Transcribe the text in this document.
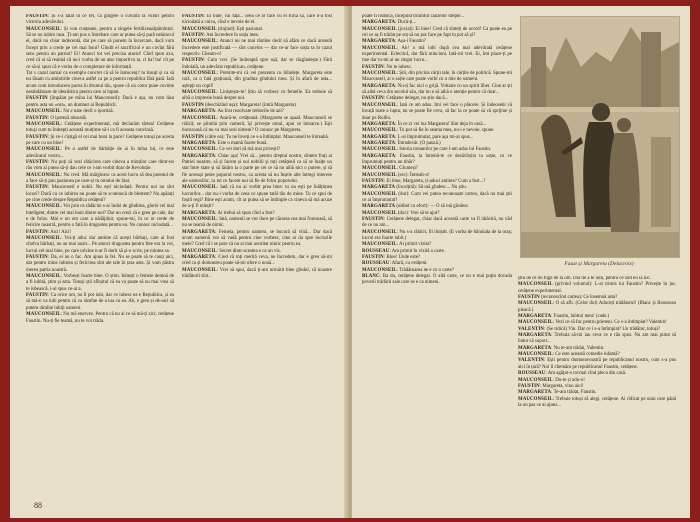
FAUSTIN: Și s-a tăiat în ce fel, ca gingele o cuvîntă la vuluri pentru victoria adevărului.

MAUCONSEIL: Și von cunțeane, pentru a singele fertilizeazăpămîntul. Să se nu iubim rasa. Ți-am pus o întrebare care ar putea să-ți pară nelalocul ei, dacă nu chiar indecentă, dar pe care să punem la încercare, dacă vom încept prin a crede pe cei mai buni? Gîndit el sacrificiul e un cuvînt fără sens pentru un patriot! Ei! Atunci tot vei preciza atacul! Cînd spun axa, cred că ai să reaimă că nu-i vorba de un atac importiva ta, ci ba! ba! cît pe ce să-și spun că e vorba de o completare de informații.

Tot s cazul numai ca exemplu concret că să le îamscenț? tu însuți și ca să nu lăsam cu amintirile cineva astfel ca pe a pentru republica fără pată. Iată acum cum introducem pacea în drumul tău, spuse că un cotor pune cuvinte nerabdătoare de idealistica pentru care ai luptat.

FAUSTIN (împăiat pe mîna lui Mauconseil): Dacă e așa, nu vom lăsa pentru asta un «ost», un dumnez ai Republicii.

MAUCONSEIL: Nu e nate decît o iportiză.

FAUSTIN: O ipoteză absurdă.

MAUCONSEIL: Cetățene experimental, mă declarăm tărtea! Cetățene totuși cum tu îndrepți această mulțime să-i ca fi aceasta convinsă.

FAUSTIN: Și ce-i cîștigă el cei mai buni la pace? Cetățene totuși pe acesta pe care cu un bine!

MAUCONSEIL: Pe o astfel de bărbăție de ai în mîna lui, ce este adevăratul vostru...

FAUSTIN: Nu poți să vezi rătăcirea care cineva a minților care dintr-un rău vom ai putea să-ți dau cele ce i-am vorbit doar de Revoluție.

MAUCONSEIL: Nu cred. Mă mărginesc ca acest lucru să dea poemul de a face să-ți pun pasiunea pe care-și tu omului de Stat.

FAUSTIN: Mauconseil e nobil. Nu ești niciodată. Pentru noi nu sînt locuri? Dacă cu ce iubirea nu poate să te scutească de blestem? Nu apărați pe cine crede despre Republica cetățeni?

MAUCONSEIL: Voi prin ce rădăcini s-ar îndoi de gîndirea, glorie cel mai inteligent, dintre cei mai buni dintre noi? Dar nu crezi că e greu pe cale, dar e de folos. Mai e un om care a nădăjduit, spune-mi, în ce ar crede de fericire noastră, pentru o fată în dragostea pentru ea. Nu cunosc niciodată...

FAUSTIN: Aici! Aici!

MAUCONSEIL: Voi-ți aduc dar aminte că acești bărbați, care ai fost cîndva bărbați, nu au mai auzit... Pe atunci dragostea pentru fete era la voi, lucrul cel mai bine, pe care oricine n-ar fi dorit să și-o scrie, pe mintea sa.

FAUSTIN: Da, ei nu o fac. Am ajuns la fel. Nu se poate să te cauți aici, dar pentru mine iubirea și fericirea sînt ale tale în țara asta. Și vom păstra mereu patria noastră.

MAUCONSEIL: Vorbești foarte bine. O știm. Iubești o femeie demnă de a fi iubită, știm și asta. Totuși știi sfîrșitul că ea va poate să nu mai vrea să te iubească, i-ai spus ce-ai a.

FAUSTIN: Ca orice om, nu îl pot iubi, dar ce iubesc ea e Republica, și ea să mă-n va iubi pentru că va rămîne de a lua cu ea. Ah, e greu și de-aici să putem rămîne iubiți oameni.

MAUCONSEIL: Nu mă enervez. Pentru că nu ai ce să mă-ți zici; cetățene Faustin. Nu-ți fie teamă, nu te voi trăda.

FAUSTIN: Ei bine, vai față... ceea ce ar face cu ei furia sa, care n-a fost niciodată a cuiva, cînd e nevoie de el.

MAUCONSEIL (rinjind): Ești pasionat.

FAUSTIN: Am încredere în soția mea.

MAUCONSEIL: Atunci nu ne mai rămîne decît să afăm ce dacă această încredere este justificată — sînt convins — dar ce-ar face soția ta în cazul respectiv. Cheam-o!

FAUSTIN: Cum vrei. (Se îndreaptă spre ușă, dar se răzgîndește.) Fără îndoială, un adevărat republican, cetățene.

MAUCONSEIL: Premite-mi că vei prezenta cu blîndețe. Margareta este rară, ca o fată grațioasă, din gradina gîndului meu. Și în afară de asta... aștepți un copil!

MAUCONSEIL: Liniștește-te! Știu să vorbesc cu femeile. Ea trebuie să aibă o impresie bună despre noi.

FAUSTIN (deschizînd ușa): Margareta! (intră Margareta)

MARGARETA: Au fost rezolvate treburile de azi?

MAUCONSEIL: Asară-te, cetățeană. (Margareta se așază. Mauconseil se ridică; se plimbă prin cameră; își privește omul, apoi se întoarce.) Ești bucuroasă că nu va mai sosi nimeni? O cunosc pe Margareta.

FAUSTIN (către ea): Tu ne înveți ce s-a întîmplat. Mauconseil te întreabă.

MARGARETA: Este o mamă foarte bună.

MAUCONSEIL: Ce vei dori să mă mai privești?

MARGARETA: Chiar așa! Vrei să... pentru dreptul nostru, sîntem frați ai Patriei noastre, să și facem și noi nobilii și toți cetățenii ca să se înalțe un stat între state și să lăsăm la o parte pe cei ce să nu aibă nici o putere, și să fie aceeași peste poporul nostru, ca acesta să nu înșele alte întregi interese ale oamenilor, ca tot ce facem noi să fie de folos poporului.

MAUCONSEIL: Iată că nu ai vorbit prea bine: tu nu ești pe înălțimea lucrurilor... dar nu-i vorba de ceea ce spune tatăl tău de mine. Tu ce spui de foștii regi? Bine ești acum, cît ar putea să se întîmple ca cineva să mă acuze de a-ți fi mințit?

MARGARETA: Ar trebui să spun cînd a fost?

MAUCONSEIL: Iată, oamenii se vor duce pe cărarea cea mai frumoasă, să nu se teamă de nimic.

MARGARETA: Femeia, pentru oameni, se bucură să vină... Dar dacă acum oamenii vor să vadă pentru cine vorbesc, cine ar da spre lucrurile mele? Cred că i se pare că nu ai mai ascultat nimic pentru ea.

MAUCONSEIL: Secret dintr-acestea e ca un vis.

MARGARETA: Cred că toți merită ceva, ne încredem, dar e greu să-mi cred ca și dumnezeu poate să-mi ofere o nouă...

MAUCONSEIL: Vrei să spui, dacă ți-am urmărit bine gîndul, că noastre trădătorii sînt...

88

poate fi rodnică, începînd triumful cauzelor drepte...

MARGARETA: Ducă-ți...

MAUCONSEIL (jovial): Ei bine! Cred că sînteți de acord! Ca poate ea pe cei ce aș fi trădat pe soț să nu pot face pe fapt tu pot să și?

MARGARETA: Așa-i Faustin?

MAUCONSEIL: Ah! a mă iubi după cea mai adevărată cetățene experimental. Eclectică, dar fără minciuni. Iată-mi vrei. Ei, îmi place-ți pe tine dar tu-mi ai un singur lucru...

FAUSTIN: Nu te iubesc.

MAUCONSEIL: Știi, din pricina cărții tale, în cărțile de politică. Spune-mi Mauconseil, ai o soție care poate vorbi cu o mie de oameni.

MARGARETA: Nu-ți fac nici o grijă. Voltaire cu un spirit liber. Cine ar ști să aibă ceva din secolul său, dar nu e să aibă o atenție pentru că doar...

FAUSTIN: Cetățene delegat, nu știu dacă...

MAUCONSEIL: Iată ce am adus. Imi vei face o plăcere. Și îndeosebi vă învață toate a lupta, nu se poate fie ceva, să fac la ce poate să vă sprijine și doar pe Rollin.

MARGARETA: În ce zi vei lua Margareta! Sînt deja în casă...

MAUCONSEIL: Tu pot să fie în seama mea, nu-i e nevoie, spune.

MARGARETA: L-ai împrumutat, pare așa mi-ai spus...

MARGARETA: Întradevăr. (O pauză.)

MAUCONSEIL: Istoria romanilor pe care l-am adus lui Faustin.

MARGARETA: Faustin, la întrebă-te ce desăvîrșita ta soție, cu ce împrumuți pentru un tînăr?

MAUCONSEIL: Glumeși?

MAUCONSEIL (sec): Întreab-o!

FAUSTIN: Ei bine, Margareta, ți-aduci aminte? Cum a fost...?

MARGARETA (încolțită): Să mă gîndesc... Nu știu.

MAUCONSEIL (dur): Cum vei putea recunoaște cartea, dacă nu mai știi ce ai împrumutat?

MARGARETA (uitînd cu efort): — O să mă gîndesc.

MAUCONSEIL (dur): Vrei să te ajut?

FAUSTIN: Cetățene delegat, chiar dacă această carte va fi rătăcită, nu văd de ce nu am...

MAUCONSEIL: Nu s-a rătăcit, fii liniștit. (E vorba de bănuiala de la oraș; lucrul era foarte iubit.)

MAUCONSEIL: Ai primit vizita?

ROUSSEAU: Am primit în vizită o carte.

FAUSTIN: Bine! Unde este?

ROUSSEAU: Afară, cu cetățeni.

MAUCONSEIL: Trădătoarea ne e cu o carte?

BLANC: Ba da, cetățene delegat. O altă carte, ce nu e mai puțin dovada poverii trădării sale care se e ca nimeni.

Faust și Margareta (Delacroix)

știu de ce nu fuge de la om. Dar de a te iubi, pentru ce sînt eu la loc.

MAUCONSEIL (privind volumul): L-ai trimis lui Faustin? Privește în jur, cetățene experimental.

FAUSTIN (recunoscînd cartea): Ce însemnă asta?

MAUCONSEIL: O să afli. (Celor doi) Aduceți trădătorul! (Blanc și Rousseau pleacă.)

MARGARETA: Faustin, iubitul meu! (cade.)

MAUCONSEIL: Vezi ce să fac pentru prieteni. Ce s-a întîmplat? Valentin!

VALENTIN: (Se ridică) Vin. Dar ce i s-a întîmplat? Un trădător, totuși?

MARGARETA: Trebuia să-mi iau ceva ce e rău spus. Nu am mai putut să îndur să suport...

MARGARETA: Nu te-am trădat, Valentin.

MAUCONSEIL: Ce este această comedie infamă?

VALENTIN: Ești pentru dumneavoastră pe republicanul nostru, cum s-a pus aici în țară? Noi îl chemăm pe republicanul Faustin, cetățene.

ROUSSEAU: Am agățat-o tocmai cînd pleca din casă.

MAUCONSEIL: Du-te și adu-o!

FAUSTIN: Margareta, vino aici!

MARGARETA: Te-am trădat, Faustin.

MAUCONSEIL: Trebuie totuși să alegi, cetățene. Ai ridicat pe unui care până la un pas ce ai ajuns...
